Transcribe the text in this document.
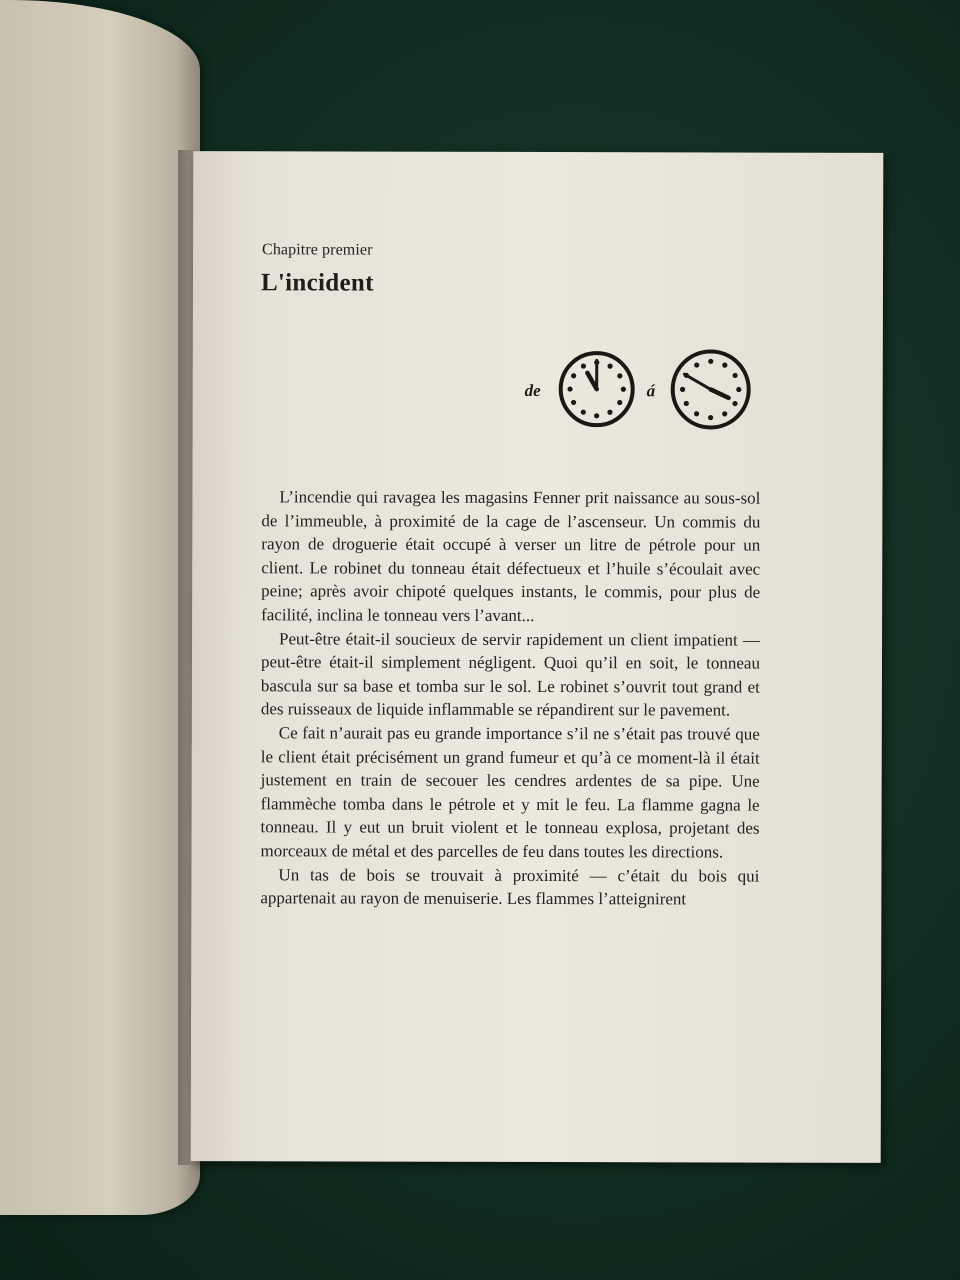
Chapitre premier
L'incident
de	á

L’incendie qui ravagea les magasins Fenner prit naissance au sous-sol de l’immeuble, à proximité de la cage de l’ascenseur. Un commis du rayon de droguerie était occupé à verser un litre de pétrole pour un client. Le robinet du tonneau était défectueux et l’huile s’écoulait avec peine; après avoir chipoté quelques instants, le commis, pour plus de facilité, inclina le tonneau vers l’avant...

Peut-être était-il soucieux de servir rapidement un client impatient — peut-être était-il simplement négligent. Quoi qu’il en soit, le tonneau bascula sur sa base et tomba sur le sol. Le robinet s’ouvrit tout grand et des ruisseaux de liquide inflammable se répandirent sur le pavement.

Ce fait n’aurait pas eu grande importance s’il ne s’était pas trouvé que le client était précisément un grand fumeur et qu’à ce moment-là il était justement en train de secouer les cendres ardentes de sa pipe. Une flammèche tomba dans le pétrole et y mit le feu. La flamme gagna le tonneau. Il y eut un bruit violent et le tonneau explosa, projetant des morceaux de métal et des parcelles de feu dans toutes les directions.

Un tas de bois se trouvait à proximité — c’était du bois qui appartenait au rayon de menuiserie. Les flammes l’atteignirent
